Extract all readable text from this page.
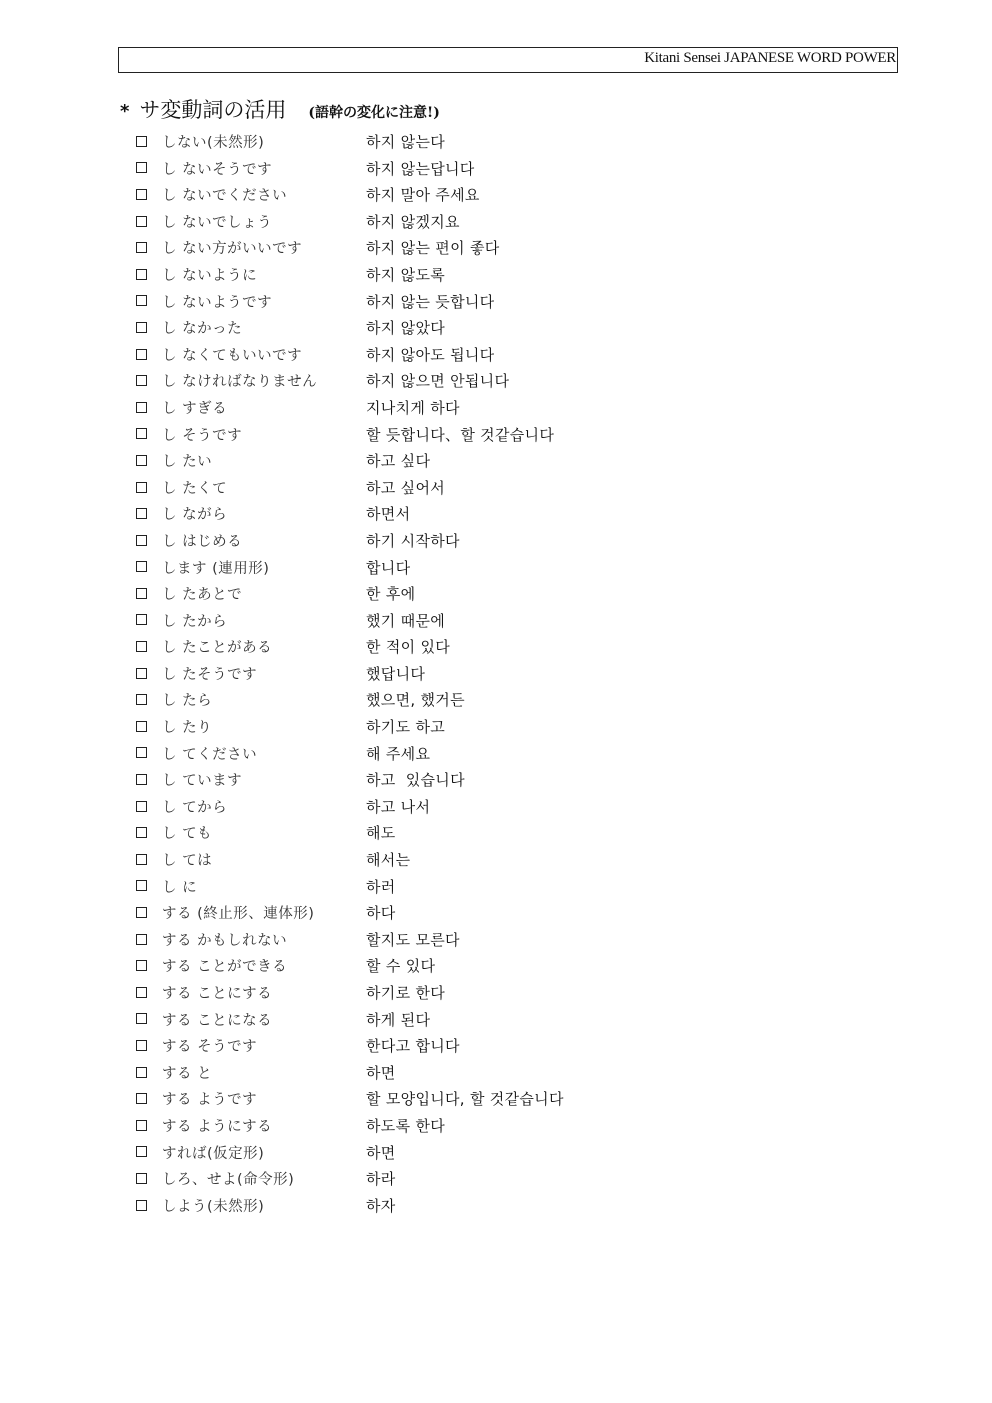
Kitani Sensei JAPANESE WORD POWER
* サ変動詞の活用 (語幹の変化に注意!)
しない(未然形)	하지 않는다
し ないそうです	하지 않는답니다
し ないでください	하지 말아 주세요
し ないでしょう	하지 않겠지요
し ない方がいいです	하지 않는 편이 좋다
し ないように	하지 않도록
し ないようです	하지 않는 듯합니다
し なかった	하지 않았다
し なくてもいいです	하지 않아도 됩니다
し なければなりません	하지 않으면 안됩니다
し すぎる	지나치게 하다
し そうです	할 듯합니다、할 것같습니다
し たい	하고 싶다
し たくて	하고 싶어서
し ながら	하면서
し はじめる	하기 시작하다
します (連用形)	합니다
し たあとで	한 후에
し たから	했기 때문에
し たことがある	한 적이 있다
し たそうです	했답니다
し たら	했으면, 했거든
し たり	하기도 하고
し てください	해 주세요
し ています	하고  있습니다
し てから	하고 나서
し ても	해도
し ては	해서는
し に	하러
する (終止形、連体形)	하다
する かもしれない	할지도 모른다
する ことができる	할 수 있다
する ことにする	하기로 한다
する ことになる	하게 된다
する そうです	한다고 합니다
する と	하면
する ようです	할 모양입니다, 할 것같습니다
する ようにする	하도록 한다
すれば(仮定形)	하면
しろ、せよ(命令形)	하라
しよう(未然形)	하자
